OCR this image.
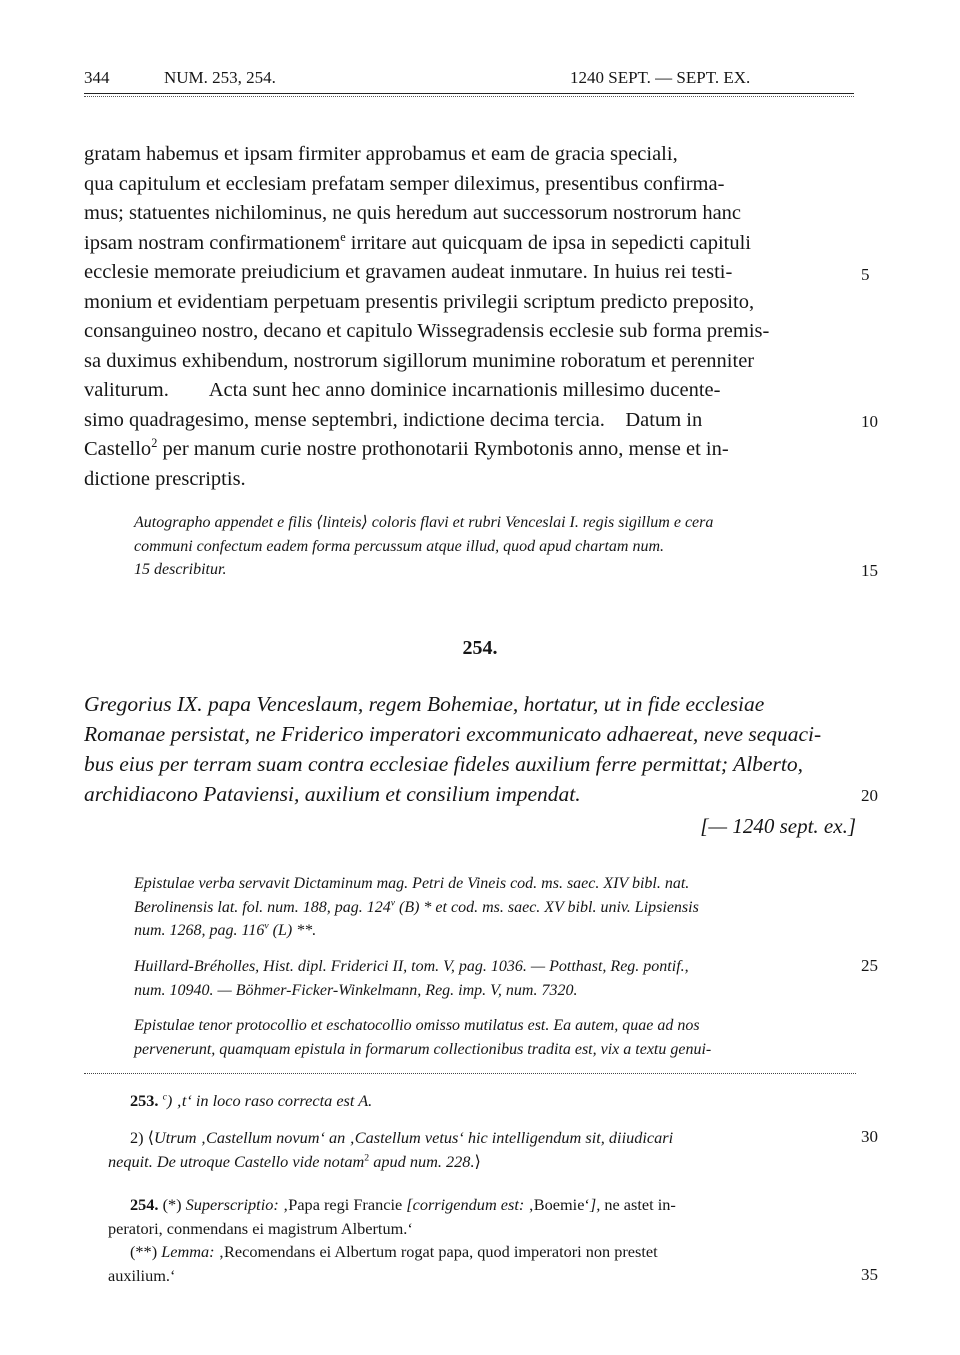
344	NUM. 253, 254.	1240 SEPT. — SEPT. EX.

gratam habemus et ipsam firmiter approbamus et eam de gracia speciali,

qua capitulum et ecclesiam prefatam semper dileximus, presentibus confirma-

mus; statuentes nichilominus, ne quis heredum aut successorum nostrorum hanc

ipsam nostram confirmationem$^e$ irritare aut quicquam de ipsa in sepedicti capituli

ecclesie memorate preiudicium et gravamen audeat inmutare. In huius rei testi-

monium et evidentiam perpetuam presentis privilegii scriptum predicto preposito,

consanguineo nostro, decano et capitulo Wissegradensis ecclesie sub forma premis-

sa duximus exhibendum, nostrorum sigillorum munimine roboratum et perenniter

valiturum.        Acta sunt hec anno dominice incarnationis millesimo ducente-

simo quadragesimo, mense septembri, indictione decima tercia.    Datum in

Castello$^2$ per manum curie nostre prothonotarii Rymbotonis anno, mense et in-

dictione prescriptis.

5
10
15
20
25
30
35

Autographo appendet e filis ⟨linteis⟩ coloris flavi et rubri Venceslai I. regis sigillum e cera

communi confectum eadem forma percussum atque illud, quod apud chartam num.

15 describitur.

254.

Gregorius IX. papa Venceslaum, regem Bohemiae, hortatur, ut in fide ecclesiae

Romanae persistat, ne Friderico imperatori excommunicato adhaereat, neve sequaci-

bus eius per terram suam contra ecclesiae fideles auxilium ferre permittat; Alberto,

archidiacono Pataviensi, auxilium et consilium impendat.

[— 1240 sept. ex.]

Epistulae verba servavit Dictaminum mag. Petri de Vineis cod. ms. saec. XIV bibl. nat.

Berolinensis lat. fol. num. 188, pag. 124$^v$ (B) * et cod. ms. saec. XV bibl. univ. Lipsiensis

num. 1268, pag. 116$^v$ (L) **.

Huillard-Bréholles, Hist. dipl. Friderici II, tom. V, pag. 1036. — Potthast, Reg. pontif.,

num. 10940. — Böhmer-Ficker-Winkelmann, Reg. imp. V, num. 7320.

Epistulae tenor protocollio et eschatocollio omisso mutilatus est. Ea autem, quae ad nos

pervenerunt, quamquam epistula in formarum collectionibus tradita est, vix a textu genui-

253. $^c$) ‚t‘ in loco raso correcta est A.

2) ⟨Utrum ‚Castellum novum‘ an ‚Castellum vetus‘ hic intelligendum sit, diiudicari

nequit. De utroque Castello vide notam$^2$ apud num. 228.⟩

254. (*) Superscriptio: ‚Papa regi Francie [corrigendum est: ‚Boemie‘], ne astet in-

peratori, conmendans ei magistrum Albertum.‘

(**) Lemma: ‚Recomendans ei Albertum rogat papa, quod imperatori non prestet

auxilium.‘
